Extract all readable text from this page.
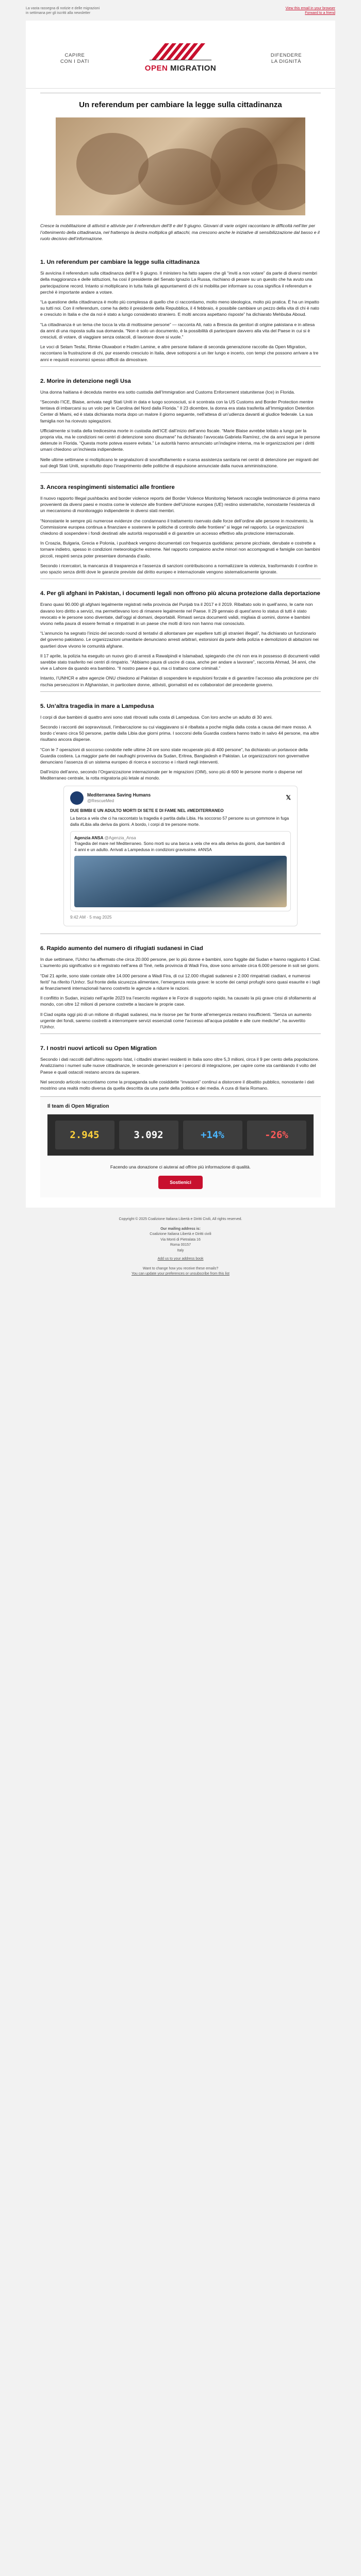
La vasta rassegna di notizie e delle migrazioni
in settimana per gli iscritti alla newsletter
View this email in your browser
Forward to a friend
CAPIRE
CON I DATI
OPEN MIGRATION
DIFENDERE
LA DIGNITÀ
Un referendum per cambiare la legge sulla cittadinanza

Cresce la mobilitazione di attivisti e attiviste per il referendum dell’8 e del 9 giugno. Giovani di varie origini raccontano le difficoltà nell’iter per l’ottenimento della cittadinanza, nel frattempo la destra moltiplica gli attacchi, ma crescono anche le iniziative di sensibilizzazione dal basso e il ruolo decisivo dell’informazione.

1. Un referendum per cambiare la legge sulla cittadinanza

Si avvicina il referendum sulla cittadinanza dell’8 e 9 giugno. Il ministero ha fatto sapere che gli “inviti a non votare” da parte di diversi membri della maggioranza e delle istituzioni, ha così il presidente del Senato Ignazio La Russa, rischiano di pesare su un quesito che ha avuto una partecipazione record. Intanto si moltiplicano in tutta Italia gli appuntamenti di chi si mobilita per informare su cosa significa il referendum e perché è importante andare a votare.

“La questione della cittadinanza è molto più complessa di quello che ci raccontiamo, molto meno ideologica, molto più pratica. È ha un impatto su tutti noi. Con il referendum, come ha detto il presidente della Repubblica, il 4 febbraio, è possibile cambiare un pezzo della vita di chi è nato e cresciuto in Italia e che da noi è stato a lungo considerato straniero. E molti ancora aspettano risposte” ha dichiarato Mehbuba Aboud.

“La cittadinanza è un tema che tocca la vita di moltissime persone” — racconta Ali, nato a Brescia da genitori di origine pakistana e in attesa da anni di una risposta sulla sua domanda. “Non è solo un documento, è la possibilità di partecipare davvero alla vita del Paese in cui si è cresciuti, di votare, di viaggiare senza ostacoli, di lavorare dove si vuole.”

Le voci di Selam Tesfai, Rimke Oluwabori e Hadim Lamine, e altre persone italiane di seconda generazione raccolte da Open Migration, raccontano la frustrazione di chi, pur essendo cresciuto in Italia, deve sottoporsi a un iter lungo e incerto, con tempi che possono arrivare a tre anni e requisiti economici spesso difficili da dimostrare.

2. Morire in detenzione negli Usa

Una donna haitiana è deceduta mentre era sotto custodia dell’Immigration and Customs Enforcement statunitense (Ice) in Florida.

“Secondo l’ICE, Blaise, arrivata negli Stati Uniti in data e luogo sconosciuti, si è scontrata con la US Customs and Border Protection mentre tentava di imbarcarsi su un volo per le Carolina del Nord dalla Florida.” Il 23 dicembre, la donna era stata trasferita all’Immigration Detention Center di Miami, ed è stata dichiarata morta dopo un malore il giorno seguente, nell’attesa di un’udienza davanti al giudice federale. La sua famiglia non ha ricevuto spiegazioni.

Ufficialmente si tratta della tredicesima morte in custodia dell’ICE dall’inizio dell’anno fiscale. “Marie Blaise avrebbe lottato a lungo per la propria vita, ma le condizioni nei centri di detenzione sono disumane” ha dichiarato l’avvocata Gabriela Ramírez, che da anni segue le persone detenute in Florida. “Questa morte poteva essere evitata.” Le autorità hanno annunciato un’indagine interna, ma le organizzazioni per i diritti umani chiedono un’inchiesta indipendente.

Nelle ultime settimane si moltiplicano le segnalazioni di sovraffollamento e scarsa assistenza sanitaria nei centri di detenzione per migranti del sud degli Stati Uniti, soprattutto dopo l’inasprimento delle politiche di espulsione annunciate dalla nuova amministrazione.

3. Ancora respingimenti sistematici alle frontiere

Il nuovo rapporto Illegal pushbacks and border violence reports del Border Violence Monitoring Network raccoglie testimonianze di prima mano provenienti da diversi paesi e mostra come le violenze alle frontiere dell’Unione europea (UE) restino sistematiche, nonostante l’esistenza di un meccanismo di monitoraggio indipendente in diversi stati membri.

“Nonostante le sempre più numerose evidenze che condannano il trattamento riservato dalle forze dell’ordine alle persone in movimento, la Commissione europea continua a finanziare e sostenere le politiche di controllo delle frontiere” si legge nel rapporto. Le organizzazioni chiedono di sospendere i fondi destinati alle autorità responsabili e di garantire un accesso effettivo alla protezione internazionale.

In Croazia, Bulgaria, Grecia e Polonia, i pushback vengono documentati con frequenza quotidiana: persone picchiate, derubate e costrette a tornare indietro, spesso in condizioni meteorologiche estreme. Nel rapporto compaiono anche minori non accompagnati e famiglie con bambini piccoli, respinti senza poter presentare domanda d’asilo.

Secondo i ricercatori, la mancanza di trasparenza e l’assenza di sanzioni contribuiscono a normalizzare la violenza, trasformando il confine in uno spazio senza diritti dove le garanzie previste dal diritto europeo e internazionale vengono sistematicamente ignorate.

4. Per gli afghani in Pakistan, i documenti legali non offrono più alcuna protezione dalla deportazione

Erano quasi 90.000 gli afghani legalmente registrati nella provincia del Punjab tra il 2017 e il 2019. Ribaltato solo in quell’anno, le carte non davano loro diritto a servizi, ma permettevano loro di rimanere legalmente nel Paese. Il 29 gennaio di quest’anno lo status di tutti è stato revocato e le persone sono diventate, dall’oggi al domani, deportabili. Rimasti senza documenti validi, migliaia di uomini, donne e bambini vivono nella paura di essere fermati e rimpatriati in un paese che molti di loro non hanno mai conosciuto.

“L’annuncio ha segnato l’inizio del secondo round di tentativi di allontanare per espellere tutti gli stranieri illegali”, ha dichiarato un funzionario del governo pakistano. Le organizzazioni umanitarie denunciano arresti arbitrari, estorsioni da parte della polizia e demolizioni di abitazioni nei quartieri dove vivono le comunità afghane.

Il 17 aprile, la polizia ha eseguito un nuovo giro di arresti a Rawalpindi e Islamabad, spiegando che chi non era in possesso di documenti validi sarebbe stato trasferito nei centri di rimpatrio. “Abbiamo paura di uscire di casa, anche per andare a lavorare”, racconta Ahmad, 34 anni, che vive a Lahore da quando era bambino. “Il nostro paese è qui, ma ci trattano come criminali.”

Intanto, l’UNHCR e altre agenzie ONU chiedono al Pakistan di sospendere le espulsioni forzate e di garantire l’accesso alla protezione per chi rischia persecuzioni in Afghanistan, in particolare donne, attivisti, giornalisti ed ex collaboratori del precedente governo.

5. Un’altra tragedia in mare a Lampedusa

I corpi di due bambini di quattro anni sono stati ritrovati sulla costa di Lampedusa. Con loro anche un adulto di 30 anni.

Secondo i racconti dei sopravvissuti, l’imbarcazione su cui viaggiavano si è ribaltata a poche miglia dalla costa a causa del mare mosso. A bordo c’erano circa 50 persone, partite dalla Libia due giorni prima. I soccorsi della Guardia costiera hanno tratto in salvo 44 persone, ma altre risultano ancora disperse.

“Con le 7 operazioni di soccorso condotte nelle ultime 24 ore sono state recuperate più di 400 persone”, ha dichiarato un portavoce della Guardia costiera. La maggior parte dei naufraghi proveniva da Sudan, Eritrea, Bangladesh e Pakistan. Le organizzazioni non governative denunciano l’assenza di un sistema europeo di ricerca e soccorso e i ritardi negli interventi.

Dall’inizio dell’anno, secondo l’Organizzazione internazionale per le migrazioni (OIM), sono più di 600 le persone morte o disperse nel Mediterraneo centrale, la rotta migratoria più letale al mondo.

Mediterranea Saving Humans
@RescueMed	𝕏
DUE BIMBI E UN ADULTO MORTI DI SETE E DI FAME NEL #MEDITERRANEO
La barca a vela che ci ha raccontato la tragedia è partita dalla Libia. Ha soccorso 57 persone su un gommone in fuga dalla #Libia alla deriva da giorni. A bordo, i corpi di tre persone morte.
Agenzia ANSA @Agenzia_Ansa
Tragedia del mare nel Mediterraneo. Sono morti su una barca a vela che era alla deriva da giorni, due bambini di 4 anni e un adulto. Arrivati a Lampedusa in condizioni gravissime. #ANSA
9:42 AM · 5 mag 2025
6. Rapido aumento del numero di rifugiati sudanesi in Ciad

In due settimane, l’Unhcr ha affermato che circa 20.000 persone, per lo più donne e bambini, sono fuggite dal Sudan e hanno raggiunto il Ciad. L’aumento più significativo si è registrato nell’area di Tiné, nella provincia di Wadi Fira, dove sono arrivate circa 6.000 persone in soli sei giorni.

“Dal 21 aprile, sono state contate oltre 14.000 persone a Wadi Fira, di cui 12.000 rifugiati sudanesi e 2.000 rimpatriati ciadiani, e numerosi feriti” ha riferito l’Unhcr. Sul fronte della sicurezza alimentare, l’emergenza resta grave: le scorte dei campi profughi sono quasi esaurite e i tagli ai finanziamenti internazionali hanno costretto le agenzie a ridurre le razioni.

Il conflitto in Sudan, iniziato nell’aprile 2023 tra l’esercito regolare e le Forze di supporto rapido, ha causato la più grave crisi di sfollamento al mondo, con oltre 12 milioni di persone costrette a lasciare le proprie case.

Il Ciad ospita oggi più di un milione di rifugiati sudanesi, ma le risorse per far fronte all’emergenza restano insufficienti. “Senza un aumento urgente dei fondi, saremo costretti a interrompere servizi essenziali come l’accesso all’acqua potabile e alle cure mediche”, ha avvertito l’Unhcr.

7. I nostri nuovi articoli su Open Migration

Secondo i dati raccolti dall’ultimo rapporto Istat, i cittadini stranieri residenti in Italia sono oltre 5,3 milioni, circa il 9 per cento della popolazione. Analizziamo i numeri sulle nuove cittadinanze, le seconde generazioni e i percorsi di integrazione, per capire come sta cambiando il volto del Paese e quali ostacoli restano ancora da superare.

Nel secondo articolo raccontiamo come la propaganda sulle cosiddette “invasioni” continui a distorcere il dibattito pubblico, nonostante i dati mostrino una realtà molto diversa da quella descritta da una parte della politica e dei media. A cura di Ilaria Romano.

Il team di Open Migration
2.945	3.092	+14%	-26%

Facendo una donazione ci aiuterai ad offrire più informazione di qualità.

Sostienici
Copyright © 2025 Coalizione Italiana Libertà e Diritti Civili, All rights reserved.
Our mailing address is:
Coalizione Italiana Libertà e Diritti civili
Via Monti di Pietralata 16
Roma 00157
Italy
Add us to your address book
Want to change how you receive these emails?
You can update your preferences or unsubscribe from this list
